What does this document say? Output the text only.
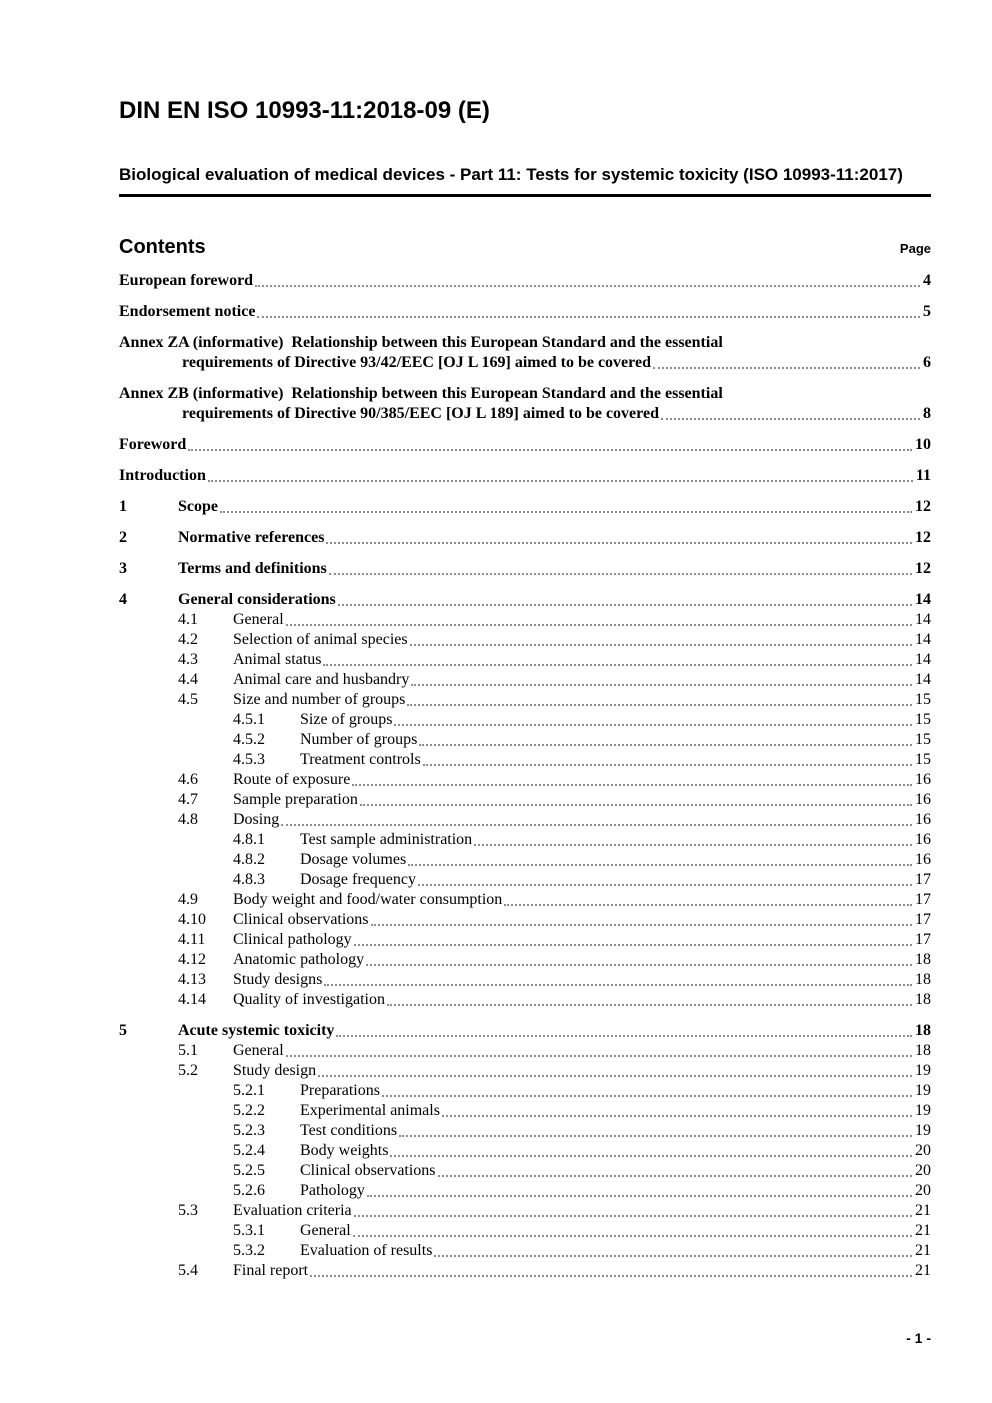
DIN EN ISO 10993-11:2018-09 (E)
Biological evaluation of medical devices - Part 11: Tests for systemic toxicity (ISO 10993-11:2017)
Contents	Page
European foreword	4
Endorsement notice	5
Annex ZA (informative)  Relationship between this European Standard and the essential
requirements of Directive 93/42/EEC [OJ L 169] aimed to be covered	6
Annex ZB (informative)  Relationship between this European Standard and the essential
requirements of Directive 90/385/EEC [OJ L 189] aimed to be covered	8
Foreword	10
Introduction	11
1	Scope	12
2	Normative references	12
3	Terms and definitions	12
4	General considerations	14
4.1	General	14
4.2	Selection of animal species	14
4.3	Animal status	14
4.4	Animal care and husbandry	14
4.5	Size and number of groups	15
4.5.1	Size of groups	15
4.5.2	Number of groups	15
4.5.3	Treatment controls	15
4.6	Route of exposure	16
4.7	Sample preparation	16
4.8	Dosing	16
4.8.1	Test sample administration	16
4.8.2	Dosage volumes	16
4.8.3	Dosage frequency	17
4.9	Body weight and food/water consumption	17
4.10	Clinical observations	17
4.11	Clinical pathology	17
4.12	Anatomic pathology	18
4.13	Study designs	18
4.14	Quality of investigation	18
5	Acute systemic toxicity	18
5.1	General	18
5.2	Study design	19
5.2.1	Preparations	19
5.2.2	Experimental animals	19
5.2.3	Test conditions	19
5.2.4	Body weights	20
5.2.5	Clinical observations	20
5.2.6	Pathology	20
5.3	Evaluation criteria	21
5.3.1	General	21
5.3.2	Evaluation of results	21
5.4	Final report	21
- 1 -
